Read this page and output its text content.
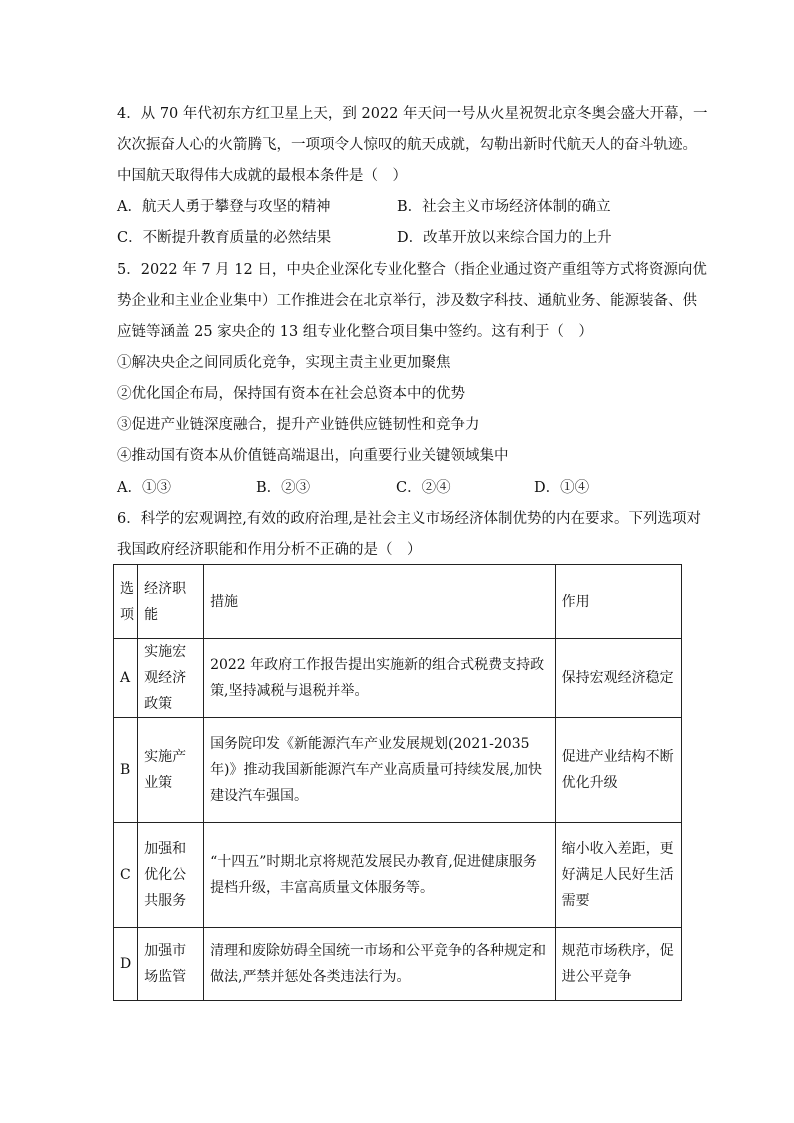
4．从 70 年代初东方红卫星上天，到 2022 年天问一号从火星祝贺北京冬奥会盛大开幕，一
次次振奋人心的火箭腾飞，一项项令人惊叹的航天成就，勾勒出新时代航天人的奋斗轨迹。
中国航天取得伟大成就的最根本条件是（　）
A．航天人勇于攀登与攻坚的精神	B．社会主义市场经济体制的确立
C．不断提升教育质量的必然结果	D．改革开放以来综合国力的上升
5．2022 年 7 月 12 日，中央企业深化专业化整合（指企业通过资产重组等方式将资源向优
势企业和主业企业集中）工作推进会在北京举行，涉及数字科技、通航业务、能源装备、供
应链等涵盖 25 家央企的 13 组专业化整合项目集中签约。这有利于（　）
①解决央企之间同质化竞争，实现主责主业更加聚焦
②优化国企布局，保持国有资本在社会总资本中的优势
③促进产业链深度融合，提升产业链供应链韧性和竞争力
④推动国有资本从价值链高端退出，向重要行业关键领域集中
A．①③	B．②③	C．②④	D．①④
6．科学的宏观调控,有效的政府治理,是社会主义市场经济体制优势的内在要求。下列选项对
我国政府经济职能和作用分析不正确的是（　）
选项	经济职能	措施	作用
A	实施宏观经济政策	2022 年政府工作报告提出实施新的组合式税费支持政策,坚持减税与退税并举。	保持宏观经济稳定
B	实施产业策	国务院印发《新能源汽车产业发展规划(2021-2035年)》推动我国新能源汽车产业高质量可持续发展,加快建设汽车强国。	促进产业结构不断优化升级
C	加强和优化公共服务	“十四五”时期北京将规范发展民办教育,促进健康服务提档升级，丰富高质量文体服务等。	缩小收入差距，更好满足人民好生活需要
D	加强市场监管	清理和废除妨碍全国统一市场和公平竞争的各种规定和做法,严禁并惩处各类违法行为。	规范市场秩序，促进公平竞争
